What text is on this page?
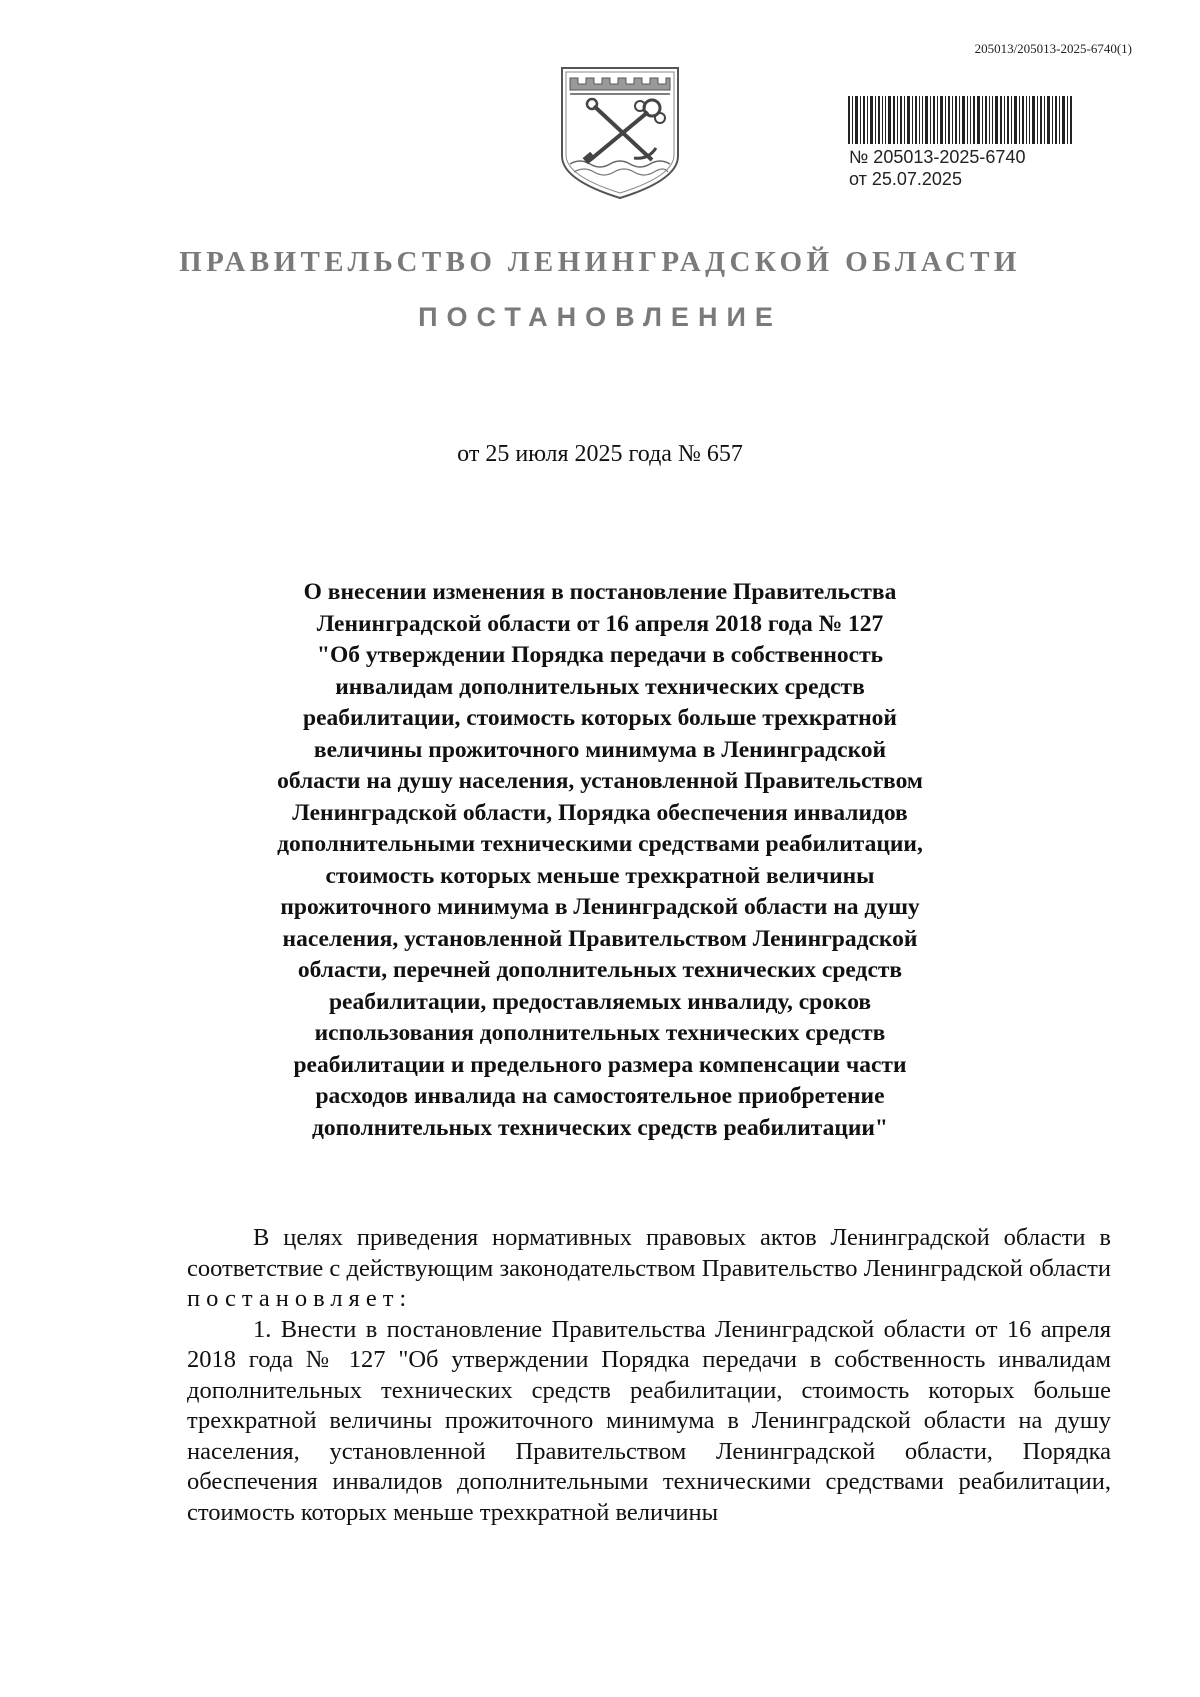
205013/205013-2025-6740(1)
№ 205013-2025-6740
от 25.07.2025
ПРАВИТЕЛЬСТВО ЛЕНИНГРАДСКОЙ ОБЛАСТИ
ПОСТАНОВЛЕНИЕ
от 25 июля 2025 года № 657
О внесении изменения в постановление Правительства
Ленинградской области от 16 апреля 2018 года № 127
"Об утверждении Порядка передачи в собственность
инвалидам дополнительных технических средств
реабилитации, стоимость которых больше трехкратной
величины прожиточного минимума в Ленинградской
области на душу населения, установленной Правительством
Ленинградской области, Порядка обеспечения инвалидов
дополнительными техническими средствами реабилитации,
стоимость которых меньше трехкратной величины
прожиточного минимума в Ленинградской области на душу
населения, установленной Правительством Ленинградской
области, перечней дополнительных технических средств
реабилитации, предоставляемых инвалиду, сроков
использования дополнительных технических средств
реабилитации и предельного размера компенсации части
расходов инвалида на самостоятельное приобретение
дополнительных технических средств реабилитации"

В целях приведения нормативных правовых актов Ленинградской области в соответствие с действующим законодательством Правительство Ленинградской области постановляет:

1. Внести в постановление Правительства Ленинградской области от 16 апреля 2018 года № 127 "Об утверждении Порядка передачи в собственность инвалидам дополнительных технических средств реабилитации, стоимость которых больше трехкратной величины прожиточного минимума в Ленинградской области на душу населения, установленной Правительством Ленинградской области, Порядка обеспечения инвалидов дополнительными техническими средствами реабилитации, стоимость которых меньше трехкратной величины
